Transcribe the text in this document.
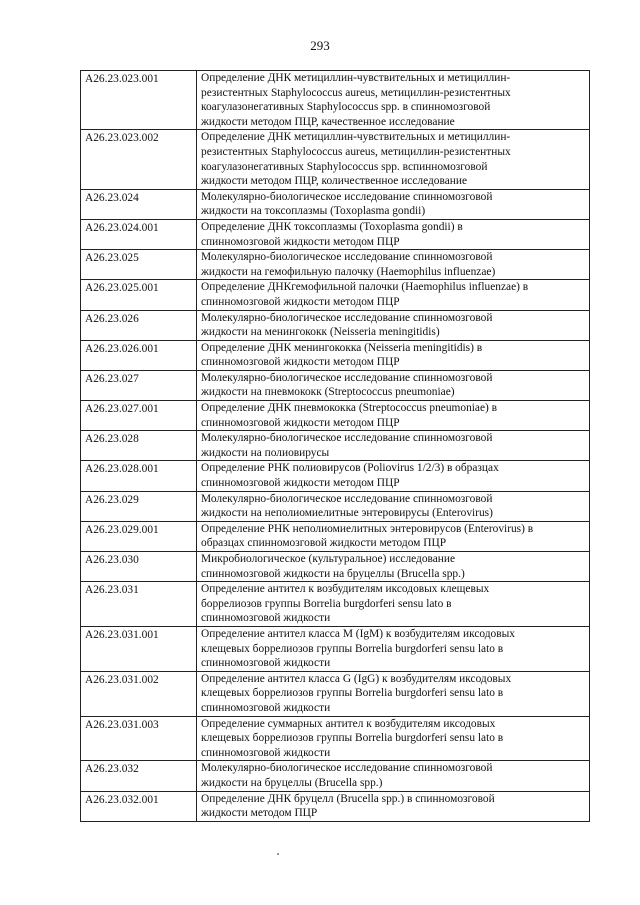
293
A26.23.023.001	Определение ДНК метициллин-чувствительных и метициллин-
резистентных Staphylococcus aureus, метициллин-резистентных
коагулазонегативных Staphylococcus spp. в спинномозговой
жидкости методом ПЦР, качественное исследование
A26.23.023.002	Определение ДНК метициллин-чувствительных и метициллин-
резистентных Staphylococcus aureus, метициллин-резистентных
коагулазонегативных Staphylococcus spp. вспинномозговой
жидкости методом ПЦР, количественное исследование
A26.23.024	Молекулярно-биологическое исследование спинномозговой
жидкости на токсоплазмы (Toxoplasma gondii)
A26.23.024.001	Определение ДНК токсоплазмы (Toxoplasma gondii) в
спинномозговой жидкости методом ПЦР
A26.23.025	Молекулярно-биологическое исследование спинномозговой
жидкости на гемофильную палочку (Haemophilus influenzae)
A26.23.025.001	Определение ДНКгемофильной палочки (Haemophilus influenzae) в
спинномозговой жидкости методом ПЦР
A26.23.026	Молекулярно-биологическое исследование спинномозговой
жидкости на менингококк (Neisseria meningitidis)
A26.23.026.001	Определение ДНК менингококка (Neisseria meningitidis) в
спинномозговой жидкости методом ПЦР
A26.23.027	Молекулярно-биологическое исследование спинномозговой
жидкости на пневмококк (Streptococcus pneumoniae)
A26.23.027.001	Определение ДНК пневмококка (Streptococcus pneumoniae) в
спинномозговой жидкости методом ПЦР
A26.23.028	Молекулярно-биологическое исследование спинномозговой
жидкости на полиовирусы
A26.23.028.001	Определение РНК полиовирусов (Poliovirus 1/2/3) в образцах
спинномозговой жидкости методом ПЦР
A26.23.029	Молекулярно-биологическое исследование спинномозговой
жидкости на неполиомиелитные энтеровирусы (Enterovirus)
A26.23.029.001	Определение РНК неполиомиелитных энтеровирусов (Enterovirus) в
образцах спинномозговой жидкости методом ПЦР
A26.23.030	Микробиологическое (культуральное) исследование
спинномозговой жидкости на бруцеллы (Brucella spp.)
A26.23.031	Определение антител к возбудителям иксодовых клещевых
боррелиозов группы Borrelia burgdorferi sensu lato в
спинномозговой жидкости
A26.23.031.001	Определение антител класса M (IgM) к возбудителям иксодовых
клещевых боррелиозов группы Borrelia burgdorferi sensu lato в
спинномозговой жидкости
A26.23.031.002	Определение антител класса G (IgG) к возбудителям иксодовых
клещевых боррелиозов группы Borrelia burgdorferi sensu lato в
спинномозговой жидкости
A26.23.031.003	Определение суммарных антител к возбудителям иксодовых
клещевых боррелиозов группы Borrelia burgdorferi sensu lato в
спинномозговой жидкости
A26.23.032	Молекулярно-биологическое исследование спинномозговой
жидкости на бруцеллы (Brucella spp.)
A26.23.032.001	Определение ДНК бруцелл (Brucella spp.) в спинномозговой
жидкости методом ПЦР
